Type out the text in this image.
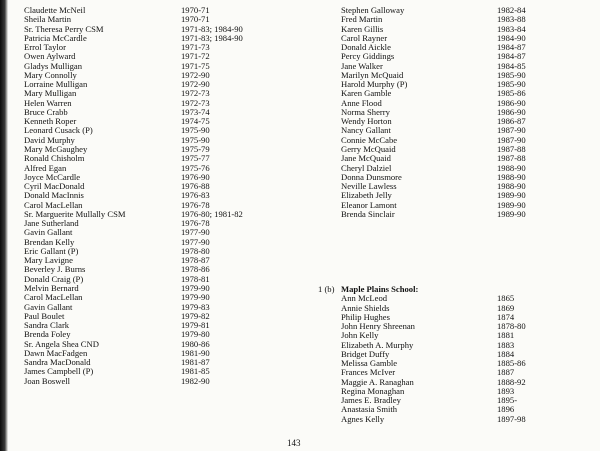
Claudette McNeil	1970-71
Sheila Martin	1970-71
Sr. Theresa Perry CSM	1971-83; 1984-90
Patricia McCardle	1971-83; 1984-90
Errol Taylor	1971-73
Owen Aylward	1971-72
Gladys Mulligan	1971-75
Mary Connolly	1972-90
Lorraine Mulligan	1972-90
Mary Mulligan	1972-73
Helen Warren	1972-73
Bruce Crabb	1973-74
Kenneth Roper	1974-75
Leonard Cusack (P)	1975-90
David Murphy	1975-90
Mary McGaughey	1975-79
Ronald Chisholm	1975-77
Alfred Egan	1975-76
Joyce McCardle	1976-90
Cyril MacDonald	1976-88
Donald MacInnis	1976-83
Carol MacLellan	1976-78
Sr. Marguerite Mullally CSM	1976-80; 1981-82
Jane Sutherland	1976-78
Gavin Gallant	1977-90
Brendan Kelly	1977-90
Eric Gallant (P)	1978-80
Mary Lavigne	1978-87
Beverley J. Burns	1978-86
Donald Craig (P)	1978-81
Melvin Bernard	1979-90
Carol MacLellan	1979-90
Gavin Gallant	1979-83
Paul Boulet	1979-82
Sandra Clark	1979-81
Brenda Foley	1979-80
Sr. Angela Shea CND	1980-86
Dawn MacFadgen	1981-90
Sandra MacDonald	1981-87
James Campbell (P)	1981-85
Joan Boswell	1982-90
Stephen Galloway	1982-84
Fred Martin	1983-88
Karen Gillis	1983-84
Carol Rayner	1984-90
Donald Aickle	1984-87
Percy Giddings	1984-87
Jane Walker	1984-85
Marilyn McQuaid	1985-90
Harold Murphy (P)	1985-90
Karen Gamble	1985-86
Anne Flood	1986-90
Norma Sherry	1986-90
Wendy Horton	1986-87
Nancy Gallant	1987-90
Connie McCabe	1987-90
Gerry McQuaid	1987-88
Jane McQuaid	1987-88
Cheryl Dalziel	1988-90
Donna Dunsmore	1988-90
Neville Lawless	1988-90
Elizabeth Jelly	1989-90
Eleanor Lamont	1989-90
Brenda Sinclair	1989-90
1 (b) Maple Plains School:
Ann McLeod	1865
Annie Shields	1869
Philip Hughes	1874
John Henry Shreenan	1878-80
John Kelly	1881
Elizabeth A. Murphy	1883
Bridget Duffy	1884
Melissa Gamble	1885-86
Frances McIver	1887
Maggie A. Ranaghan	1888-92
Regina Monaghan	1893
James E. Bradley	1895-
Anastasia Smith	1896
Agnes Kelly	1897-98
143
